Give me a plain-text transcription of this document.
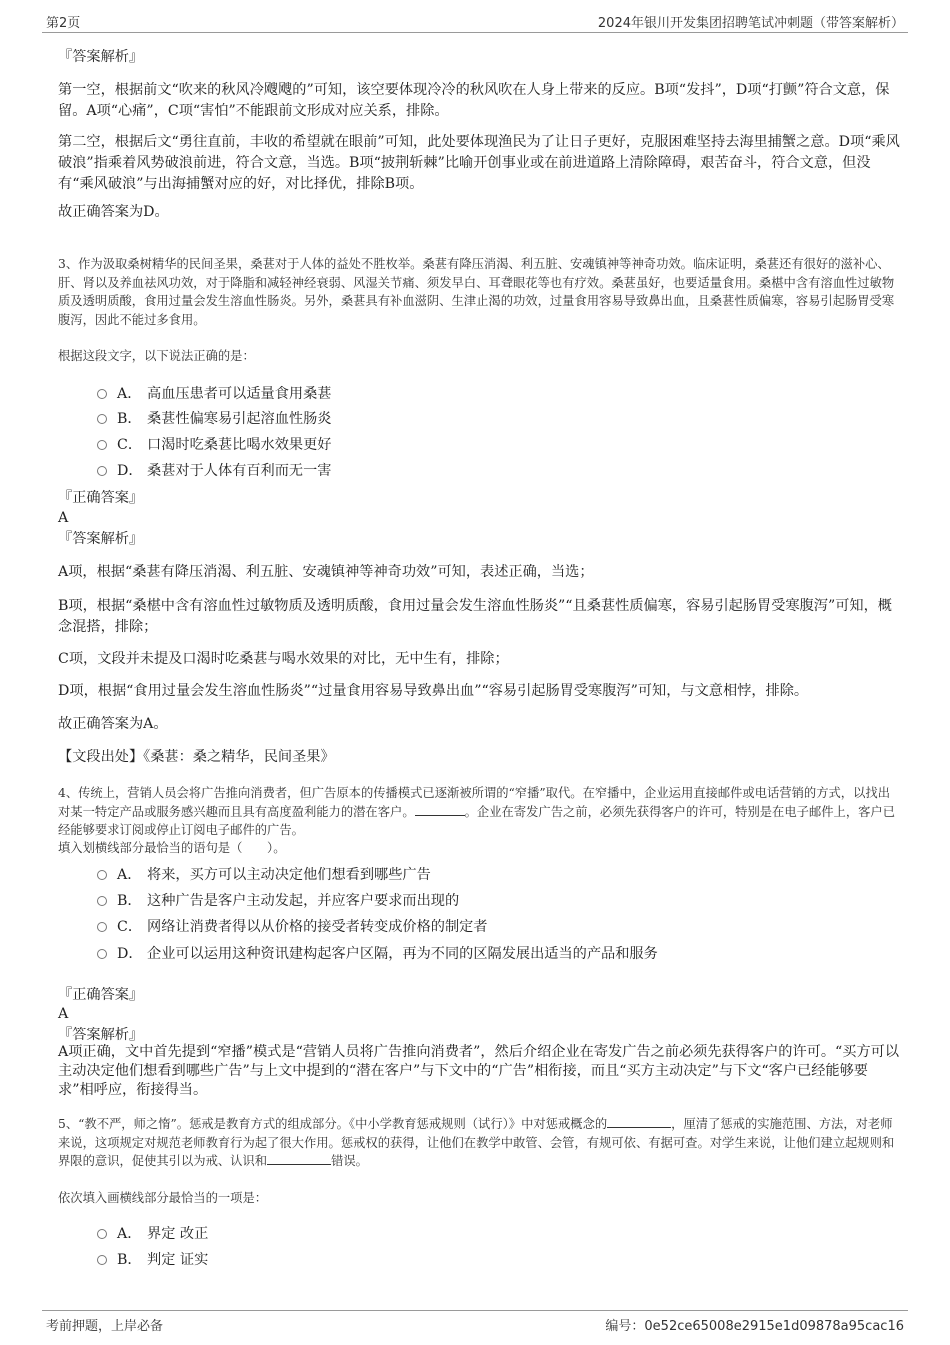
第2页	2024年银川开发集团招聘笔试冲刺题（带答案解析）
『答案解析』

第一空，根据前文“吹来的秋风冷飕飕的”可知，该空要体现冷冷的秋风吹在人身上带来的反应。B项“发抖”，D项“打颤”符合文意，保留。A项“心痛”，C项“害怕”不能跟前文形成对应关系，排除。

第二空，根据后文“勇往直前，丰收的希望就在眼前”可知，此处要体现渔民为了让日子更好，克服困难坚持去海里捕蟹之意。D项“乘风破浪”指乘着风势破浪前进，符合文意，当选。B项“披荆斩棘”比喻开创事业或在前进道路上清除障碍，艰苦奋斗，符合文意，但没有“乘风破浪”与出海捕蟹对应的好，对比择优，排除B项。

故正确答案为D。

3、作为汲取桑树精华的民间圣果，桑葚对于人体的益处不胜枚举。桑葚有降压消渴、利五脏、安魂镇神等神奇功效。临床证明，桑葚还有很好的滋补心、肝、肾以及养血祛风功效，对于降脂和减轻神经衰弱、风湿关节痛、须发早白、耳聋眼花等也有疗效。桑葚虽好，也要适量食用。桑椹中含有溶血性过敏物质及透明质酸，食用过量会发生溶血性肠炎。另外，桑葚具有补血滋阴、生津止渴的功效，过量食用容易导致鼻出血，且桑葚性质偏寒，容易引起肠胃受寒腹泻，因此不能过多食用。

根据这段文字，以下说法正确的是：

A． 高血压患者可以适量食用桑葚
B． 桑葚性偏寒易引起溶血性肠炎
C． 口渴时吃桑葚比喝水效果更好
D． 桑葚对于人体有百利而无一害
『正确答案』
A
『答案解析』

A项，根据“桑葚有降压消渴、利五脏、安魂镇神等神奇功效”可知，表述正确，当选；

B项，根据“桑椹中含有溶血性过敏物质及透明质酸，食用过量会发生溶血性肠炎”“且桑葚性质偏寒，容易引起肠胃受寒腹泻”可知，概念混搭，排除；

C项，文段并未提及口渴时吃桑葚与喝水效果的对比，无中生有，排除；

D项，根据“食用过量会发生溶血性肠炎”“过量食用容易导致鼻出血”“容易引起肠胃受寒腹泻”可知，与文意相悖，排除。

故正确答案为A。

【文段出处】《桑葚：桑之精华，民间圣果》

4、传统上，营销人员会将广告推向消费者，但广告原本的传播模式已逐渐被所谓的“窄播”取代。在窄播中，企业运用直接邮件或电话营销的方式，以找出对某一特定产品或服务感兴趣而且具有高度盈利能力的潜在客户。	。企业在寄发广告之前，必须先获得客户的许可，特别是在电子邮件上，客户已经能够要求订阅或停止订阅电子邮件的广告。

填入划横线部分最恰当的语句是（　　）。

A． 将来，买方可以主动决定他们想看到哪些广告
B． 这种广告是客户主动发起，并应客户要求而出现的
C． 网络让消费者得以从价格的接受者转变成价格的制定者
D． 企业可以运用这种资讯建构起客户区隔，再为不同的区隔发展出适当的产品和服务
『正确答案』
A
『答案解析』

A项正确，文中首先提到“窄播”模式是“营销人员将广告推向消费者”，然后介绍企业在寄发广告之前必须先获得客户的许可。“买方可以主动决定他们想看到哪些广告”与上文中提到的“潜在客户”与下文中的“广告”相衔接，而且“买方主动决定”与下文“客户已经能够要求”相呼应，衔接得当。

5、“教不严，师之惰”。惩戒是教育方式的组成部分。《中小学教育惩戒规则（试行）》中对惩戒概念的	，厘清了惩戒的实施范围、方法，对老师来说，这项规定对规范老师教育行为起了很大作用。惩戒权的获得，让他们在教学中敢管、会管，有规可依、有据可查。对学生来说，让他们建立起规则和界限的意识，促使其引以为戒、认识和	错误。

依次填入画横线部分最恰当的一项是：

A． 界定 改正
B． 判定 证实
考前押题，上岸必备	编号：0e52ce65008e2915e1d09878a95cac16
